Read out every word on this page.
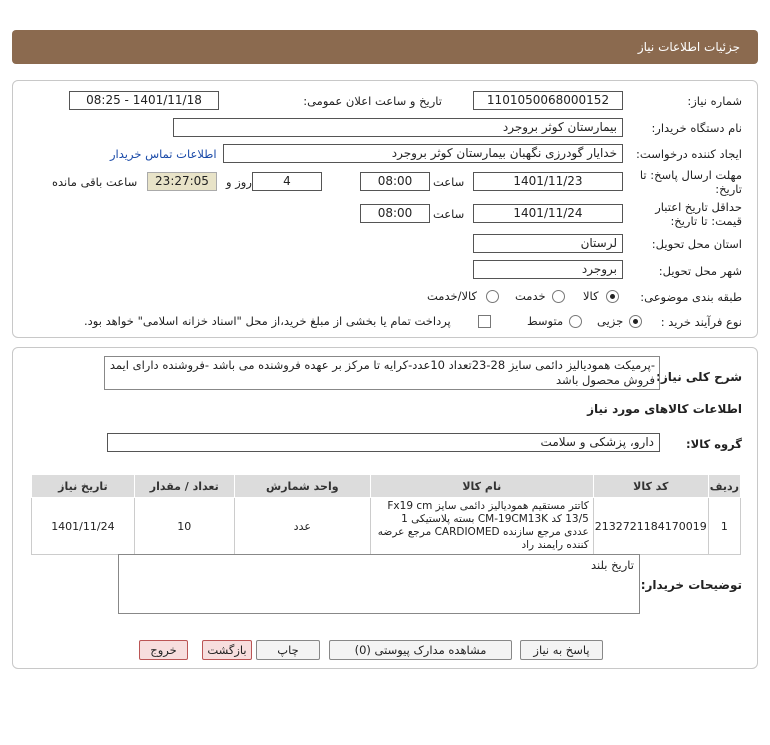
جزئیات اطلاعات نیاز
شماره نیاز:
1101050068000152
تاریخ و ساعت اعلان عمومی:
1401/11/18 - 08:25
نام دستگاه خریدار:
بیمارستان کوثر بروجرد
ایجاد کننده درخواست:
خدایار گودرزی نگهبان بیمارستان کوثر بروجرد
اطلاعات تماس خریدار
مهلت ارسال پاسخ: تا
تاریخ:
1401/11/23
ساعت
08:00
4
روز و
23:27:05
ساعت باقی مانده
حداقل تاریخ اعتبار
قیمت: تا تاریخ:
1401/11/24
ساعت
08:00
استان محل تحویل:
لرستان
شهر محل تحویل:
بروجرد
طبقه بندی موضوعی:
کالا
خدمت
کالا/خدمت
نوع فرآیند خرید :
جزیی
متوسط
پرداخت تمام یا بخشی از مبلغ خرید،از محل "اسناد خزانه اسلامی" خواهد بود.
شرح کلی نیاز:
-پرمیکت همودیالیز دائمی سایز 28-23تعداد 10عدد-کرایه تا مرکز بر عهده فروشنده می باشد -فروشنده دارای ایمد فروش محصول باشد
اطلاعات کالاهای مورد نیاز
گروه کالا:
دارو، پزشکی و سلامت
ردیف	کد کالا	نام کالا	واحد شمارش	تعداد / مقدار	تاریخ نیاز
1	2132721184170019	کاتتر مستقیم همودیالیز دائمی سایز Fx19 cm 13/5 کد CM-19CM13K بسته پلاستیکی 1 عددی مرجع سازنده CARDIOMED مرجع عرضه کننده رایمند راد	عدد	10	1401/11/24
توضیحات خریدار:
تاریخ بلند
پاسخ به نیاز
مشاهده مدارک پیوستی (0)
چاپ
بازگشت
خروج
